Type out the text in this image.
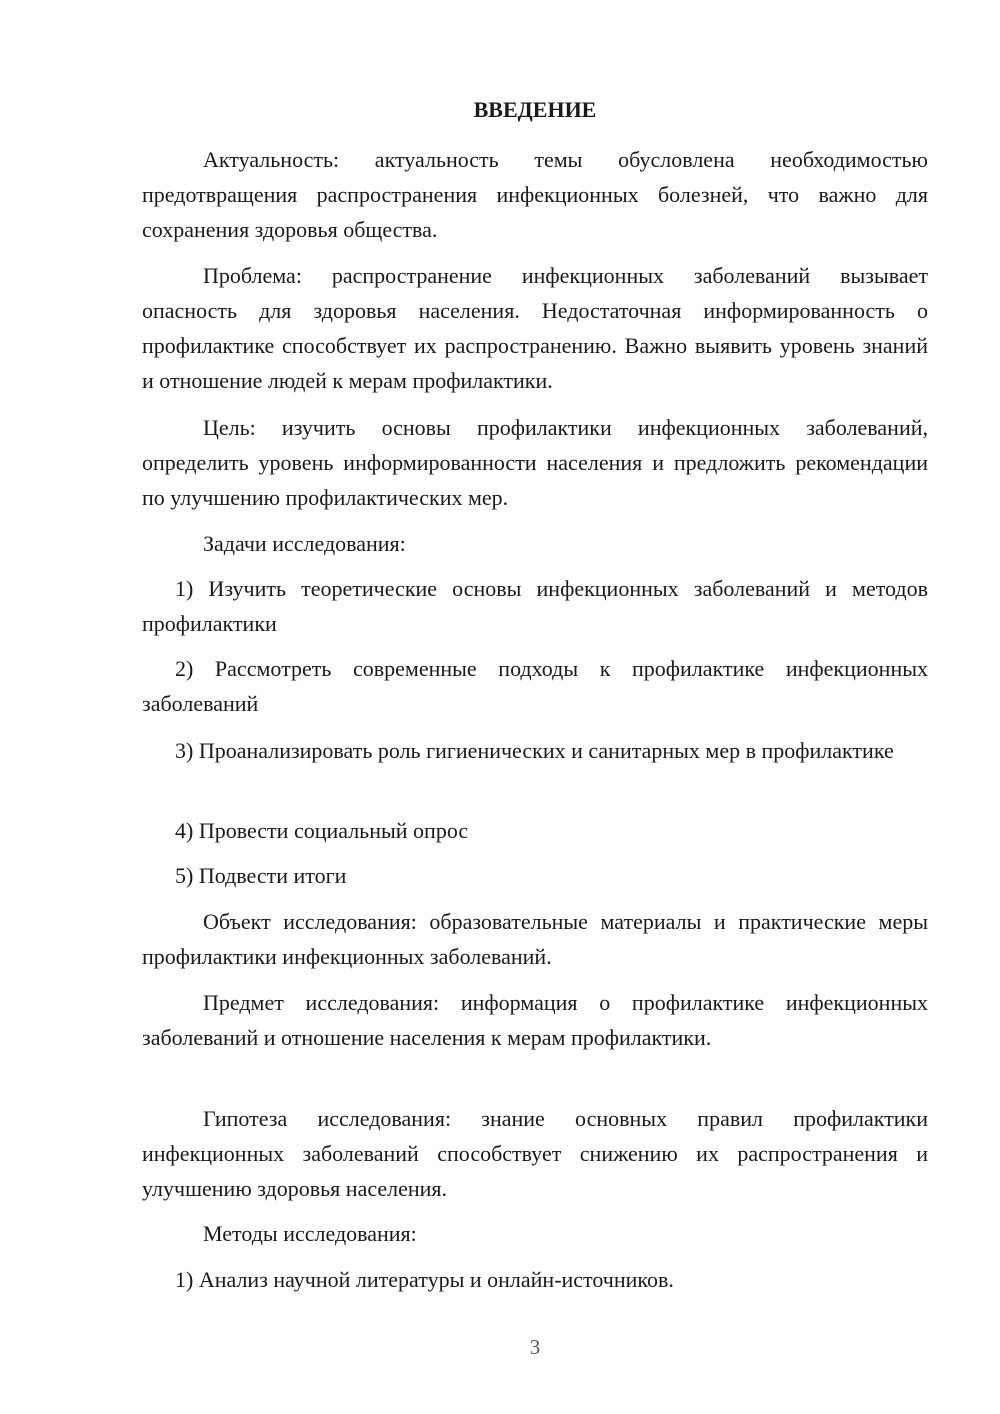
ВВЕДЕНИЕ

Актуальность: актуальность темы обусловлена необходимостью предотвращения распространения инфекционных болезней, что важно для сохранения здоровья общества.

Проблема: распространение инфекционных заболеваний вызывает опасность для здоровья населения. Недостаточная информированность о профилактике способствует их распространению. Важно выявить уровень знаний и отношение людей к мерам профилактики.

Цель: изучить основы профилактики инфекционных заболеваний, определить уровень информированности населения и предложить рекомендации по улучшению профилактических мер.

Задачи исследования:

1) Изучить теоретические основы инфекционных заболеваний и методов профилактики

2) Рассмотреть современные подходы к профилактике инфекционных заболеваний

3) Проанализировать роль гигиенических и санитарных мер в профилактике

4) Провести социальный опрос

5) Подвести итоги

Объект исследования: образовательные материалы и практические меры профилактики инфекционных заболеваний.

Предмет исследования: информация о профилактике инфекционных заболеваний и отношение населения к мерам профилактики.

Гипотеза исследования: знание основных правил профилактики инфекционных заболеваний способствует снижению их распространения и улучшению здоровья населения.

Методы исследования:

1) Анализ научной литературы и онлайн-источников.

3
